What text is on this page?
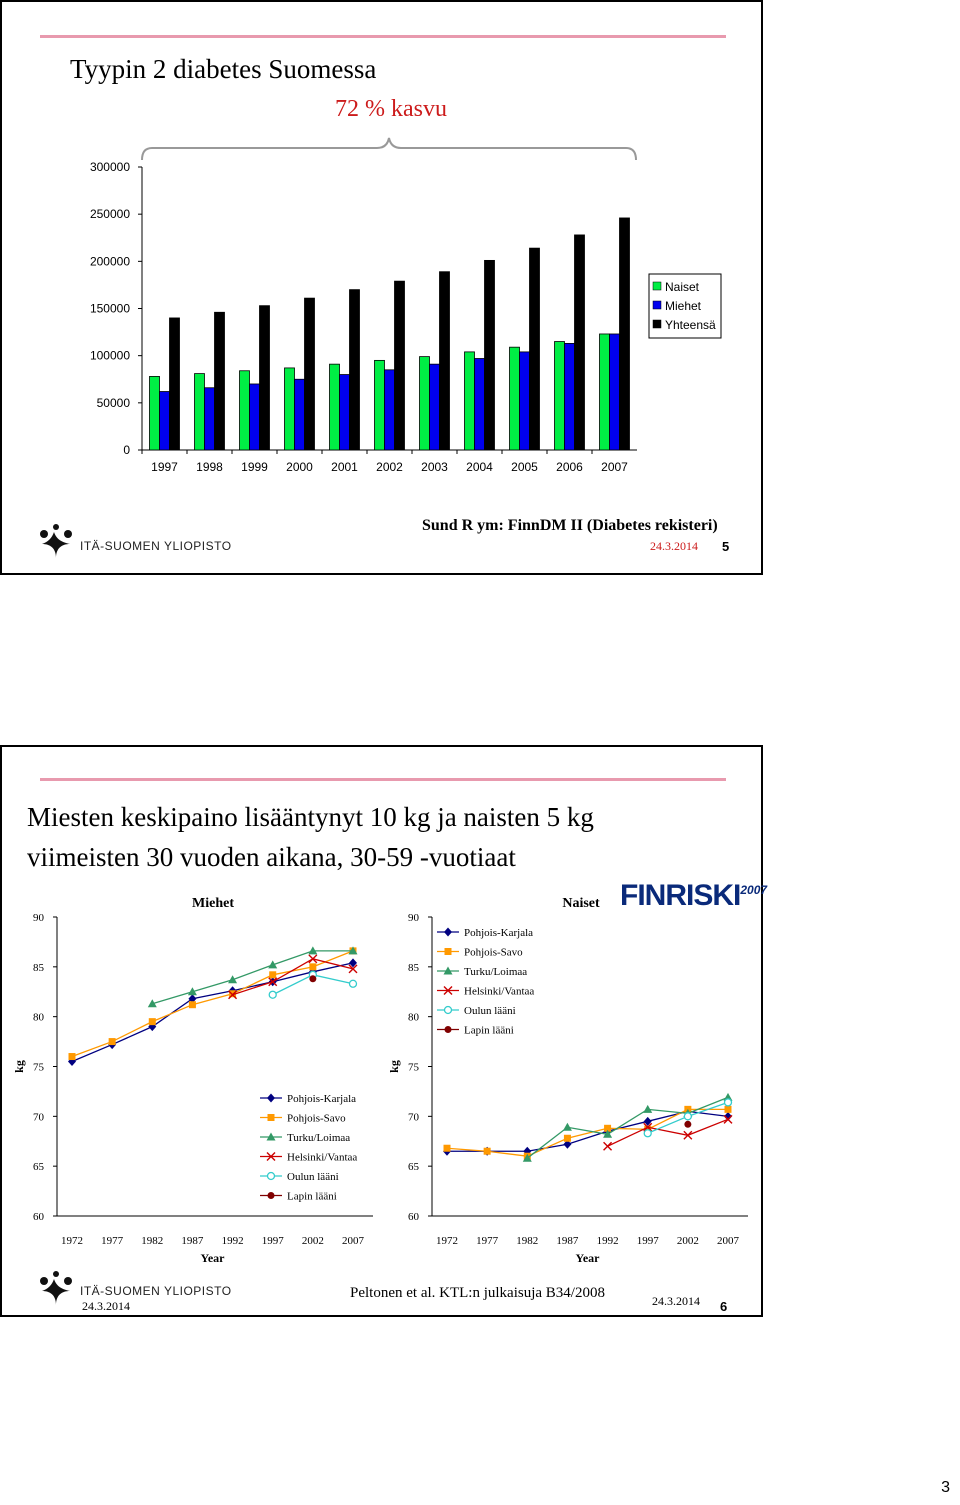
Tyypin 2 diabetes Suomessa
72 % kasvu
0
50000
100000
150000
200000
250000
300000
1997 1998 1999 2000 2001 2002 2003 2004 2005 2006 2007
Naiset
Miehet
Yhteensä
ITÄ-SUOMEN YLIOPISTO
Sund R ym: FinnDM II (Diabetes rekisteri)
24.3.2014 5
Miesten keskipaino lisääntynyt 10 kg ja naisten 5 kg
viimeisten 30 vuoden aikana, 30-59 -vuotiaat
$FINRISKI^{2007}$
60
65
70
75
80
85
90
1972 1977 1982 1987 1992 1997 2002 2007
Year
kg
Miehet
Pohjois-Karjala
Pohjois-Savo
Turku/Loimaa
Helsinki/Vantaa
Oulun lääni
Lapin lääni
60
65
70
75
80
85
90
1972 1977 1982 1987 1992 1997 2002 2007
Year
kg
Naiset
Pohjois-Karjala
Pohjois-Savo
Turku/Loimaa
Helsinki/Vantaa
Oulun lääni
Lapin lääni
ITÄ-SUOMEN YLIOPISTO
24.3.2014
Peltonen et al. KTL:n julkaisuja B34/2008	24.3.2014 6
3
